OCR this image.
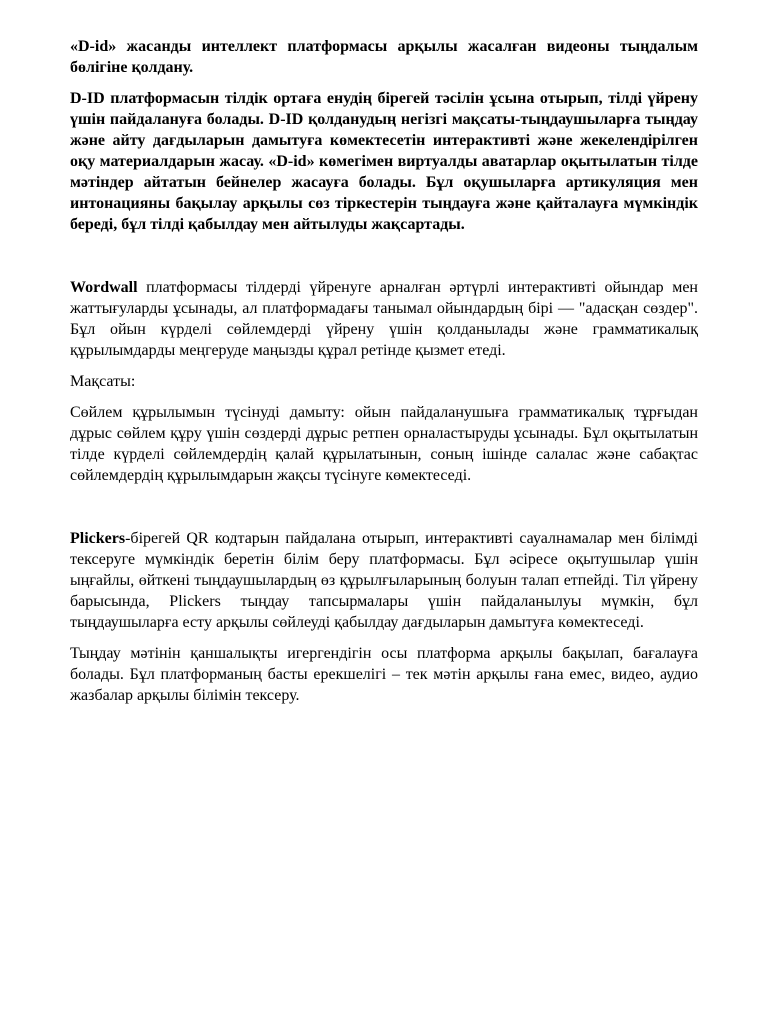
«D-id» жасанды интеллект платформасы арқылы жасалған видеоны тыңдалым бөлігіне қолдану.

D-ID платформасын тілдік ортаға енудің бірегей тәсілін ұсына отырып, тілді үйрену үшін пайдалануға болады. D-ID қолданудың негізгі мақсаты-тыңдаушыларға тыңдау және айту дағдыларын дамытуға көмектесетін интерактивті және жекелендірілген оқу материалдарын жасау. «D-id» көмегімен виртуалды аватарлар оқытылатын тілде мәтіндер айтатын бейнелер жасауға болады. Бұл оқушыларға артикуляция мен интонацияны бақылау арқылы сөз тіркестерін тыңдауға және қайталауға мүмкіндік береді, бұл тілді қабылдау мен айтылуды жақсартады.

Wordwall платформасы тілдерді үйренуге арналған әртүрлі интерактивті ойындар мен жаттығуларды ұсынады, ал платформадағы танымал ойындардың бірі — "адасқан сөздер". Бұл ойын күрделі сөйлемдерді үйрену үшін қолданылады және грамматикалық құрылымдарды меңгеруде маңызды құрал ретінде қызмет етеді.

Мақсаты:

Сөйлем құрылымын түсінуді дамыту: ойын пайдаланушыға грамматикалық тұрғыдан дұрыс сөйлем құру үшін сөздерді дұрыс ретпен орналастыруды ұсынады. Бұл оқытылатын тілде күрделі сөйлемдердің қалай құрылатынын, соның ішінде салалас және сабақтас сөйлемдердің құрылымдарын жақсы түсінуге көмектеседі.

Plickers-бірегей QR кодтарын пайдалана отырып, интерактивті сауалнамалар мен білімді тексеруге мүмкіндік беретін білім беру платформасы. Бұл әсіресе оқытушылар үшін ыңғайлы, өйткені тыңдаушылардың өз құрылғыларының болуын талап етпейді. Тіл үйрену барысында, Plickers тыңдау тапсырмалары үшін пайдаланылуы мүмкін, бұл тыңдаушыларға есту арқылы сөйлеуді қабылдау дағдыларын дамытуға көмектеседі.

Тыңдау мәтінін қаншалықты игергендігін осы платформа арқылы бақылап, бағалауға болады. Бұл платформаның басты ерекшелігі – тек мәтін арқылы ғана емес, видео, аудио жазбалар арқылы білімін тексеру.
